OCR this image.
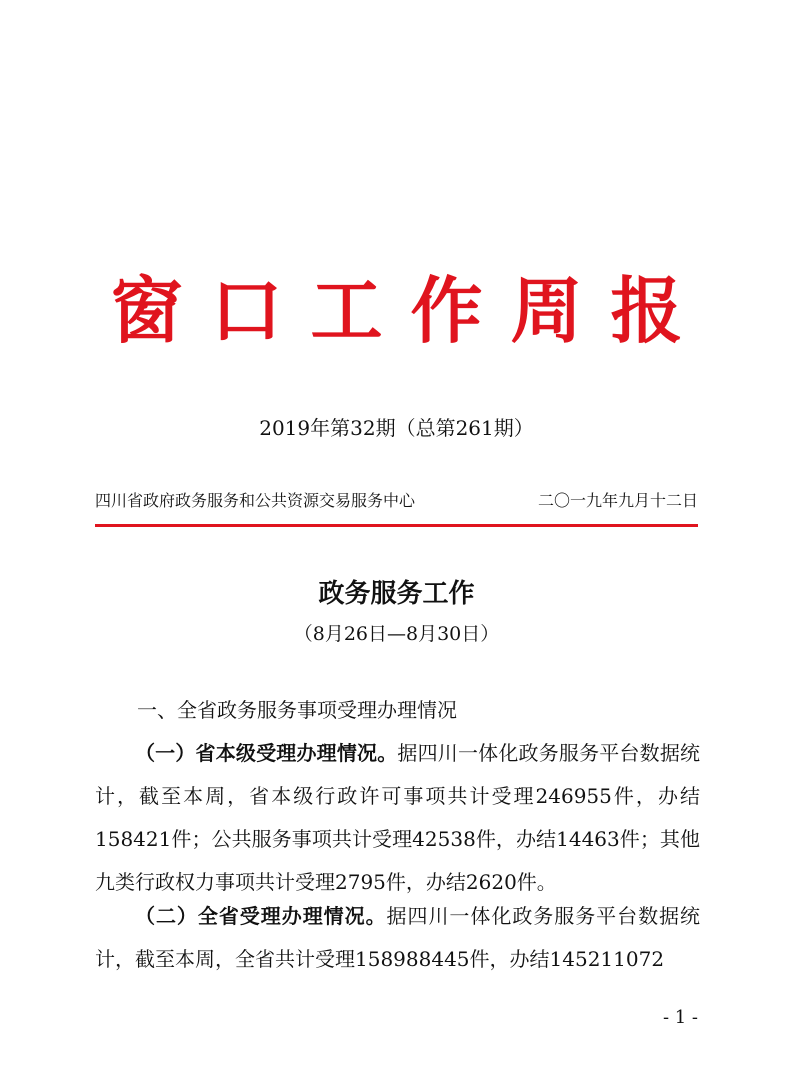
窗口工作周报
2019年第32期（总第261期）
四川省政府政务服务和公共资源交易服务中心	二〇一九年九月十二日
政务服务工作
（8月26日—8月30日）
一、全省政务服务事项受理办理情况
（一）省本级受理办理情况。据四川一体化政务服务平台数据统计，截至本周，省本级行政许可事项共计受理246955件，办结158421件；公共服务事项共计受理42538件，办结14463件；其他九类行政权力事项共计受理2795件，办结2620件。
（二）全省受理办理情况。据四川一体化政务服务平台数据统计，截至本周，全省共计受理158988445件，办结145211072
- 1 -
